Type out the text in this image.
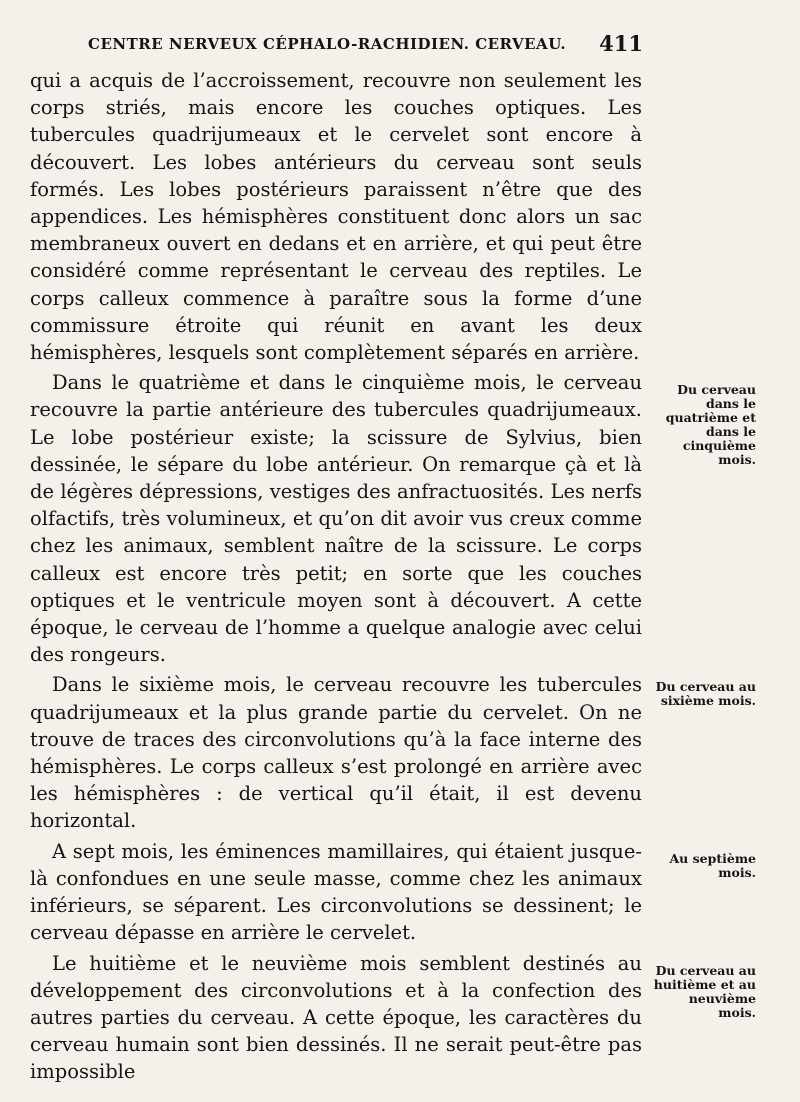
CENTRE NERVEUX CÉPHALO-RACHIDIEN. CERVEAU. 411

qui a acquis de l’accroissement, recouvre non seulement les corps striés, mais encore les couches optiques. Les tubercules quadrijumeaux et le cervelet sont encore à découvert. Les lobes antérieurs du cerveau sont seuls formés. Les lobes postérieurs paraissent n’être que des appendices. Les hémisphères constituent donc alors un sac membraneux ouvert en dedans et en arrière, et qui peut être considéré comme représentant le cerveau des reptiles. Le corps calleux commence à paraître sous la forme d’une commissure étroite qui réunit en avant les deux hémisphères, lesquels sont complètement séparés en arrière.

Dans le quatrième et dans le cinquième mois, le cerveau recouvre la partie antérieure des tubercules quadrijumeaux. Le lobe postérieur existe; la scissure de Sylvius, bien dessinée, le sépare du lobe antérieur. On remarque çà et là de légères dépressions, vestiges des anfractuosités. Les nerfs olfactifs, très volumineux, et qu’on dit avoir vus creux comme chez les animaux, semblent naître de la scissure. Le corps calleux est encore très petit; en sorte que les couches optiques et le ventricule moyen sont à découvert. A cette époque, le cerveau de l’homme a quelque analogie avec celui des rongeurs.

Dans le sixième mois, le cerveau recouvre les tubercules quadrijumeaux et la plus grande partie du cervelet. On ne trouve de traces des circonvolutions qu’à la face interne des hémisphères. Le corps calleux s’est prolongé en arrière avec les hémisphères : de vertical qu’il était, il est devenu horizontal.

A sept mois, les éminences mamillaires, qui étaient jusque-là confondues en une seule masse, comme chez les animaux inférieurs, se séparent. Les circonvolutions se dessinent; le cerveau dépasse en arrière le cervelet.

Le huitième et le neuvième mois semblent destinés au développement des circonvolutions et à la confection des autres parties du cerveau. A cette époque, les caractères du cerveau humain sont bien dessinés. Il ne serait peut-être pas impossible

Du cerveau dans le quatrième et dans le cinquième mois.
Du cerveau au sixième mois.
Au septième mois.
Du cerveau au huitième et au neuvième mois.
